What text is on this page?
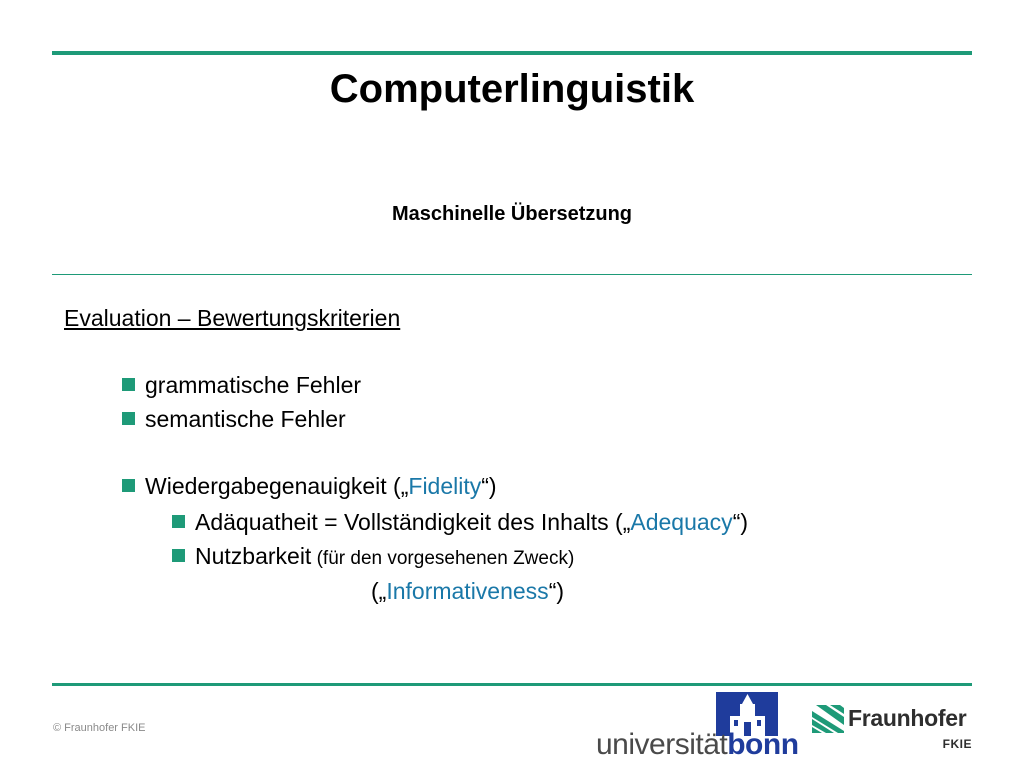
Computerlinguistik
Maschinelle Übersetzung
Evaluation – Bewertungskriterien
grammatische Fehler
semantische Fehler
Wiedergabegenauigkeit („Fidelity“)
Adäquatheit = Vollständigkeit des Inhalts („Adequacy“)
Nutzbarkeit (für den vorgesehenen Zweck)
(„Informativeness“)
© Fraunhofer FKIE	universitätbonn
Fraunhofer
FKIE
